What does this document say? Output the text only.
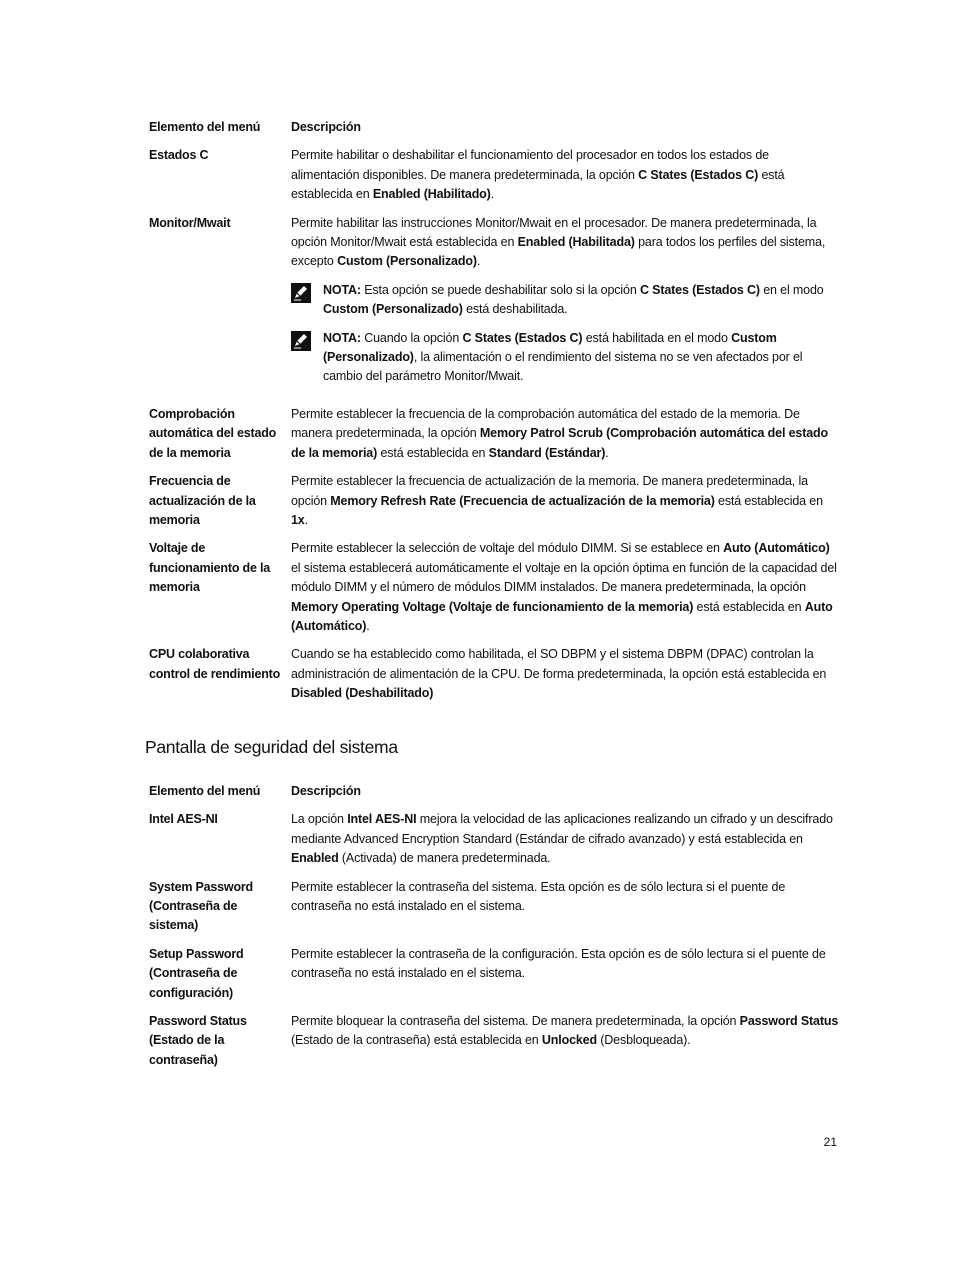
Elemento del menú	Descripción
Estados C	Permite habilitar o deshabilitar el funcionamiento del procesador en todos los estados de alimentación disponibles. De manera predeterminada, la opción C States (Estados C) está establecida en Enabled (Habilitado).
Monitor/Mwait	Permite habilitar las instrucciones Monitor/Mwait en el procesador. De manera predeterminada, la opción Monitor/Mwait está establecida en Enabled (Habilitada) para todos los perfiles del sistema, excepto Custom (Personalizado).
NOTA: Esta opción se puede deshabilitar solo si la opción C States (Estados C) en el modo Custom (Personalizado) está deshabilitada.
NOTA: Cuando la opción C States (Estados C) está habilitada en el modo Custom (Personalizado), la alimentación o el rendimiento del sistema no se ven afectados por el cambio del parámetro Monitor/Mwait.

Comprobación automática del estado de la memoria	Permite establecer la frecuencia de la comprobación automática del estado de la memoria. De manera predeterminada, la opción Memory Patrol Scrub (Comprobación automática del estado de la memoria) está establecida en Standard (Estándar).
Frecuencia de actualización de la memoria	Permite establecer la frecuencia de actualización de la memoria. De manera predeterminada, la opción Memory Refresh Rate (Frecuencia de actualización de la memoria) está establecida en 1x.
Voltaje de funcionamiento de la memoria	Permite establecer la selección de voltaje del módulo DIMM. Si se establece en Auto (Automático) el sistema establecerá automáticamente el voltaje en la opción óptima en función de la capacidad del módulo DIMM y el número de módulos DIMM instalados. De manera predeterminada, la opción Memory Operating Voltage (Voltaje de funcionamiento de la memoria) está establecida en Auto (Automático).
CPU colaborativa control de rendimiento	Cuando se ha establecido como habilitada, el SO DBPM y el sistema DBPM (DPAC) controlan la administración de alimentación de la CPU. De forma predeterminada, la opción está establecida en Disabled (Deshabilitado)
Pantalla de seguridad del sistema
Elemento del menú	Descripción
Intel AES-NI	La opción Intel AES-NI mejora la velocidad de las aplicaciones realizando un cifrado y un descifrado mediante Advanced Encryption Standard (Estándar de cifrado avanzado) y está establecida en Enabled (Activada) de manera predeterminada.
System Password (Contraseña de sistema)	Permite establecer la contraseña del sistema. Esta opción es de sólo lectura si el puente de contraseña no está instalado en el sistema.
Setup Password (Contraseña de configuración)	Permite establecer la contraseña de la configuración. Esta opción es de sólo lectura si el puente de contraseña no está instalado en el sistema.
Password Status (Estado de la contraseña)	Permite bloquear la contraseña del sistema. De manera predeterminada, la opción Password Status (Estado de la contraseña) está establecida en Unlocked (Desbloqueada).
21
